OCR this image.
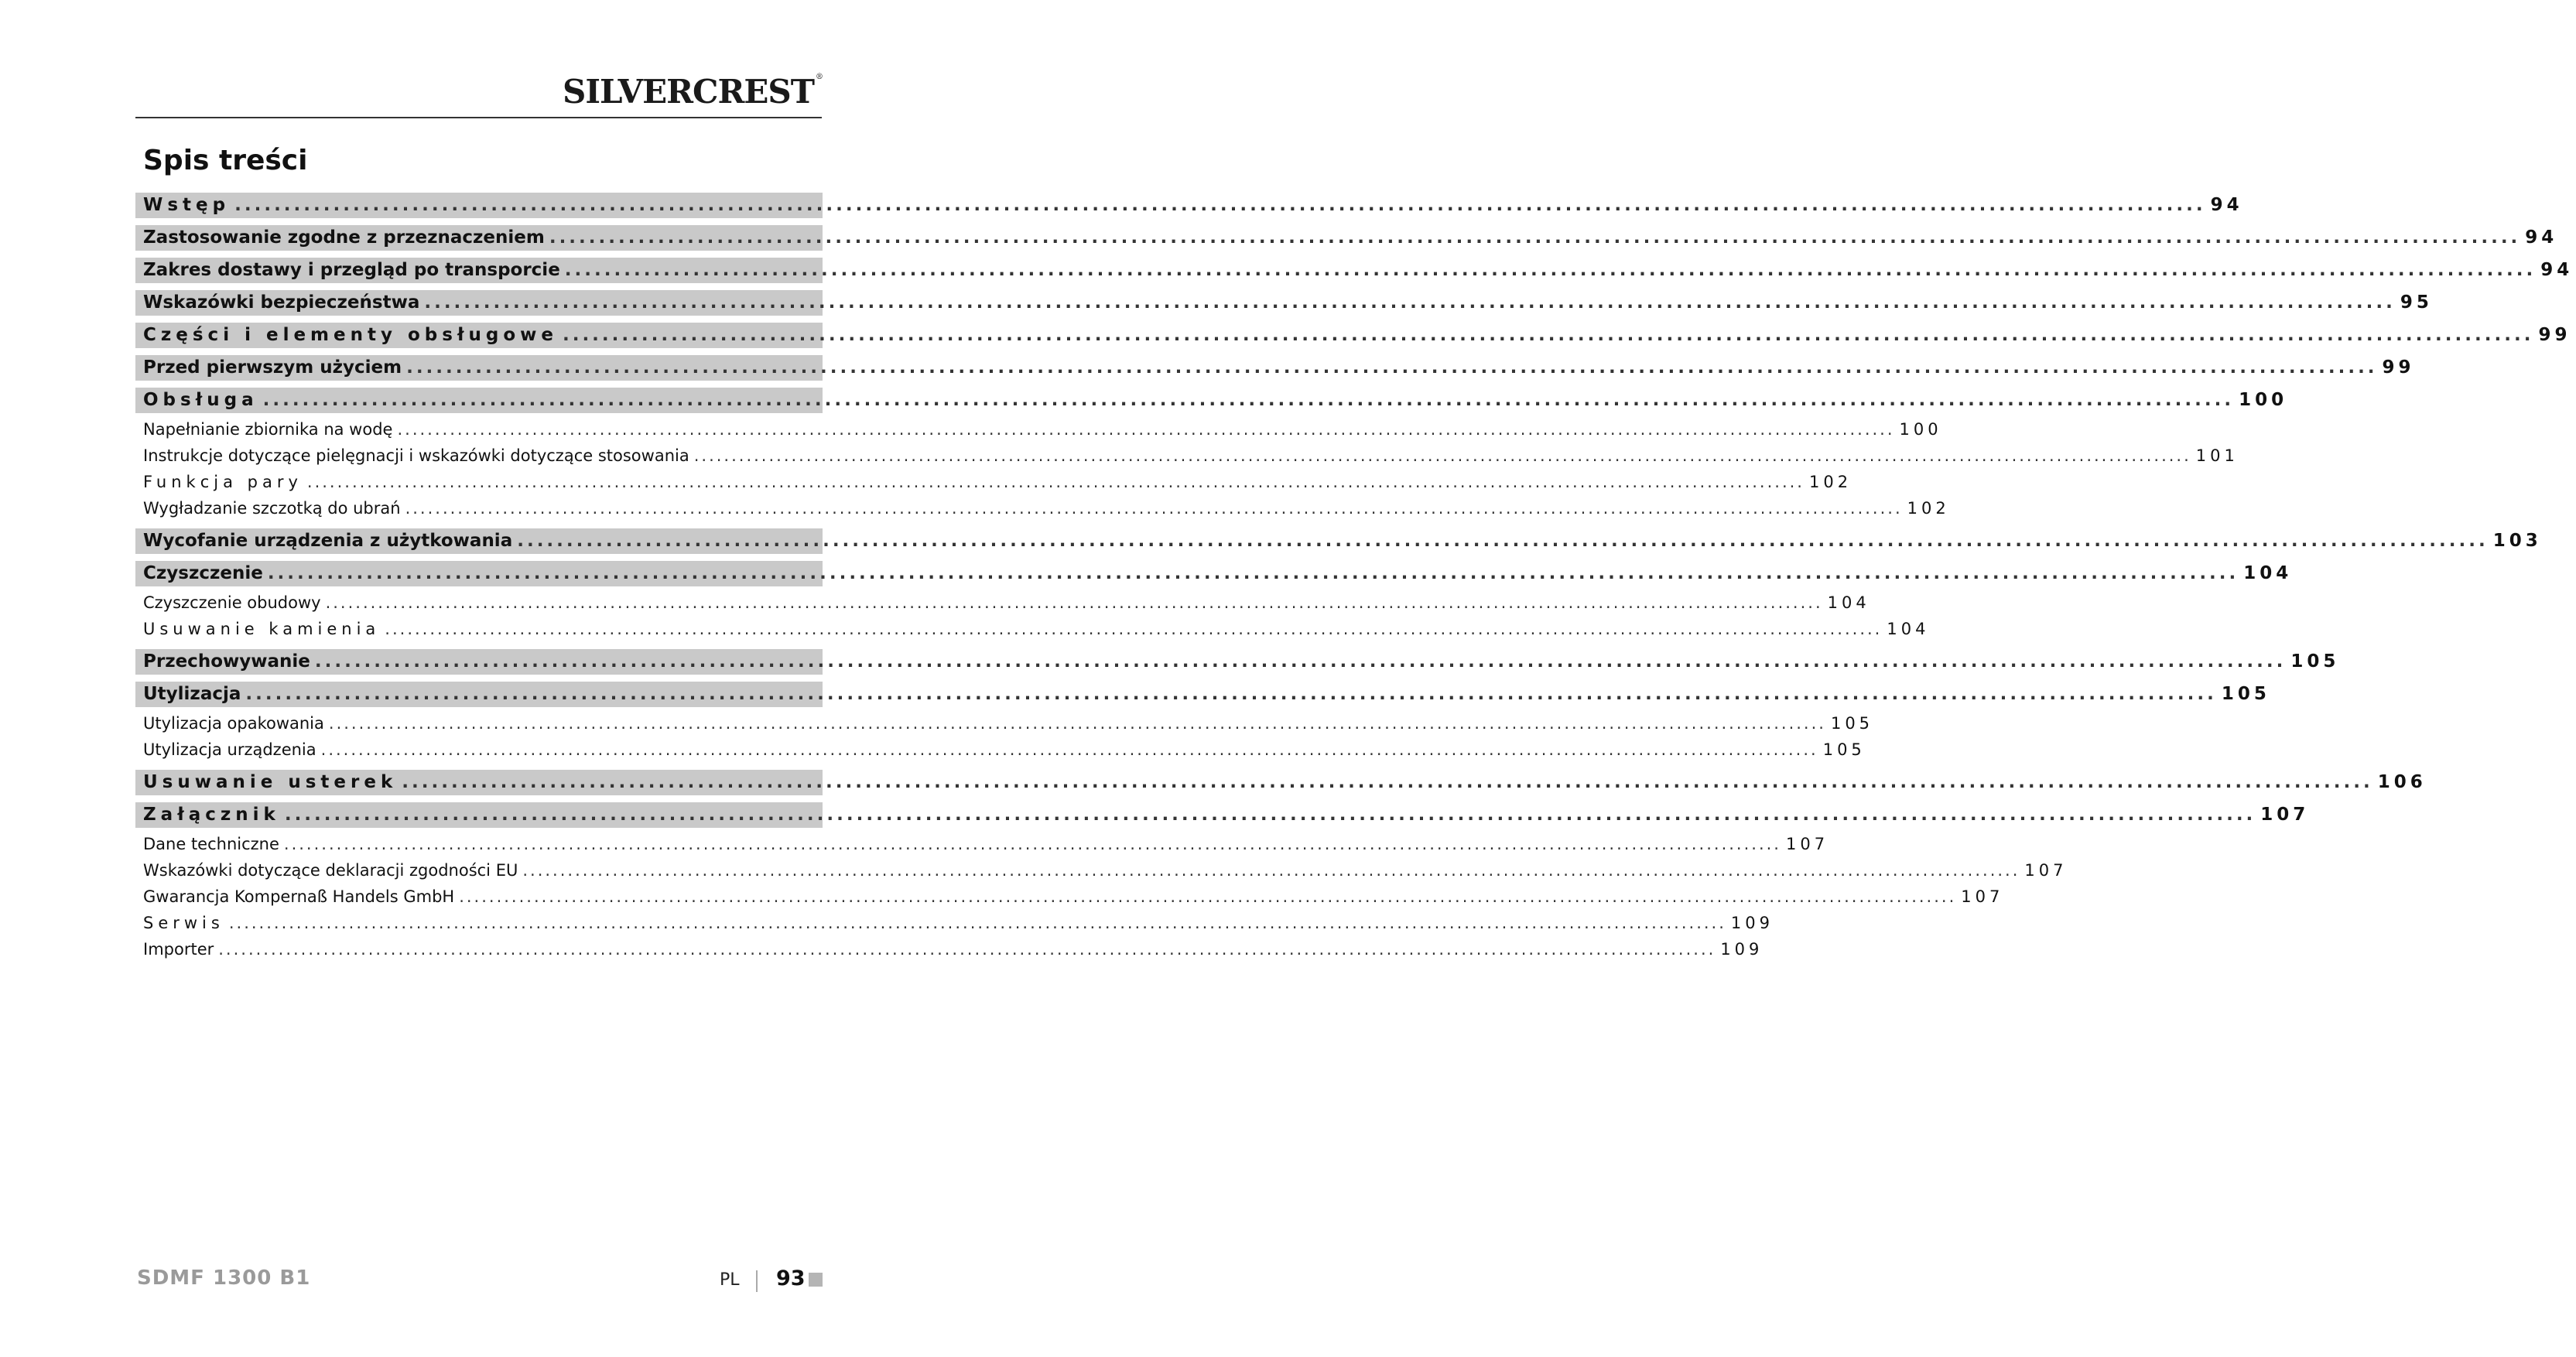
SILVERCREST ®
Spis treści
Wstęp ........................................................................................................................................................................................................ 94
Zastosowanie zgodne z przeznaczeniem ........................................................................................................................................................................................................ 94
Zakres dostawy i przegląd po transporcie ........................................................................................................................................................................................................ 94
Wskazówki bezpieczeństwa ........................................................................................................................................................................................................ 95
Części i elementy obsługowe ........................................................................................................................................................................................................ 99
Przed pierwszym użyciem ........................................................................................................................................................................................................ 99
Obsługa ........................................................................................................................................................................................................ 100
Napełnianie zbiornika na wodę ........................................................................................................................................................................................................ 100
Instrukcje dotyczące pielęgnacji i wskazówki dotyczące stosowania ........................................................................................................................................................................................................ 101
Funkcja pary ........................................................................................................................................................................................................ 102
Wygładzanie szczotką do ubrań ........................................................................................................................................................................................................ 102
Wycofanie urządzenia z użytkowania ........................................................................................................................................................................................................ 103
Czyszczenie ........................................................................................................................................................................................................ 104
Czyszczenie obudowy ........................................................................................................................................................................................................ 104
Usuwanie kamienia ........................................................................................................................................................................................................ 104
Przechowywanie ........................................................................................................................................................................................................ 105
Utylizacja ........................................................................................................................................................................................................ 105
Utylizacja opakowania ........................................................................................................................................................................................................ 105
Utylizacja urządzenia ........................................................................................................................................................................................................ 105
Usuwanie usterek ........................................................................................................................................................................................................ 106
Załącznik ........................................................................................................................................................................................................ 107
Dane techniczne ........................................................................................................................................................................................................ 107
Wskazówki dotyczące deklaracji zgodności EU ........................................................................................................................................................................................................ 107
Gwarancja Kompernaß Handels GmbH ........................................................................................................................................................................................................ 107
Serwis ........................................................................................................................................................................................................ 109
Importer ........................................................................................................................................................................................................ 109
SDMF 1300 B1	PL 93
